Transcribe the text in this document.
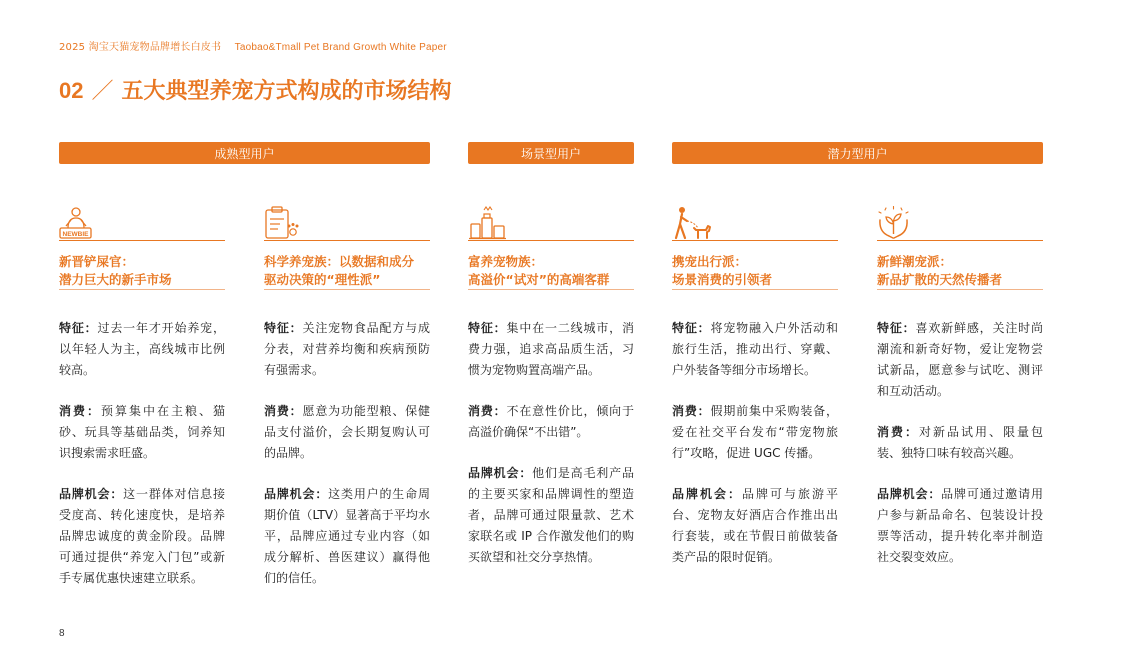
2025 淘宝天猫宠物品牌增长白皮书 Taobao&Tmall Pet Brand Growth White Paper
02 ／ 五大典型养宠方式构成的市场结构
成熟型用户	场景型用户	潜力型用户
NEWBIE
新晋铲屎官：
潜力巨大的新手市场

特征：过去一年才开始养宠，以年轻人为主，高线城市比例较高。

消费：预算集中在主粮、猫砂、玩具等基础品类，饲养知识搜索需求旺盛。

品牌机会：这一群体对信息接受度高、转化速度快，是培养品牌忠诚度的黄金阶段。品牌可通过提供“养宠入门包”或新手专属优惠快速建立联系。

科学养宠族：以数据和成分
驱动决策的“理性派”

特征：关注宠物食品配方与成分表，对营养均衡和疾病预防有强需求。

消费：愿意为功能型粮、保健品支付溢价，会长期复购认可的品牌。

品牌机会：这类用户的生命周期价值（LTV）显著高于平均水平，品牌应通过专业内容（如成分解析、兽医建议）赢得他们的信任。

富养宠物族：
高溢价“试对”的高端客群

特征：集中在一二线城市，消费力强，追求高品质生活，习惯为宠物购置高端产品。

消费：不在意性价比，倾向于高溢价确保“不出错”。

品牌机会：他们是高毛利产品的主要买家和品牌调性的塑造者，品牌可通过限量款、艺术家联名或 IP 合作激发他们的购买欲望和社交分享热情。

携宠出行派：
场景消费的引领者

特征：将宠物融入户外活动和旅行生活，推动出行、穿戴、户外装备等细分市场增长。

消费：假期前集中采购装备，爱在社交平台发布“带宠物旅行”攻略，促进 UGC 传播。

品牌机会：品牌可与旅游平台、宠物友好酒店合作推出出行套装，或在节假日前做装备类产品的限时促销。

新鲜潮宠派：
新品扩散的天然传播者

特征：喜欢新鲜感，关注时尚潮流和新奇好物，爱让宠物尝试新品，愿意参与试吃、测评和互动活动。

消费：对新品试用、限量包装、独特口味有较高兴趣。

品牌机会：品牌可通过邀请用户参与新品命名、包装设计投票等活动，提升转化率并制造社交裂变效应。

8
